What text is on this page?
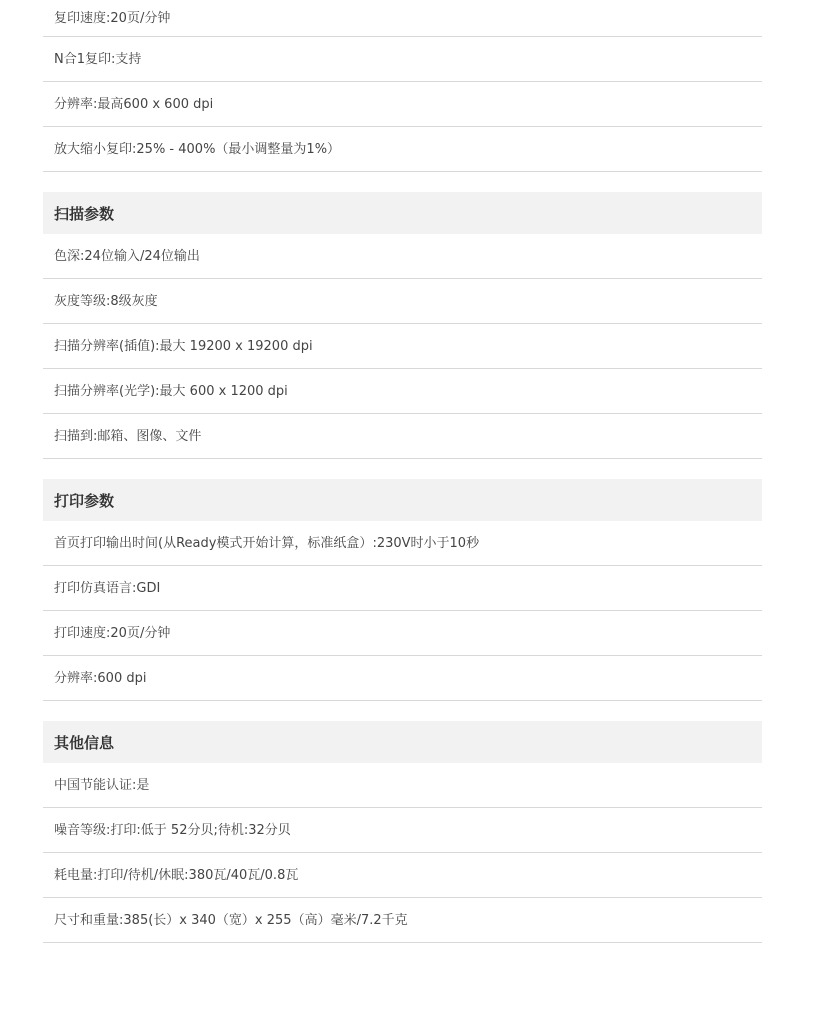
复印速度 : 20页/分钟
N合1复印 : 支持
分辨率 : 最高600 x 600 dpi
放大缩小复印 : 25% - 400%（最小调整量为1%）
扫描参数
色深 : 24位输入/24位输出
灰度等级 : 8级灰度
扫描分辨率(插值) : 最大 19200 x 19200 dpi
扫描分辨率(光学) : 最大 600 x 1200 dpi
扫描到 : 邮箱、图像、文件
打印参数
首页打印输出时间(从Ready模式开始计算，标准纸盒） : 230V时小于10秒
打印仿真语言 : GDI
打印速度 : 20页/分钟
分辨率 : 600 dpi
其他信息
中国节能认证 : 是
噪音等级 : 打印:低于 52分贝;待机:32分贝
耗电量 : 打印/待机/休眠:380瓦/40瓦/0.8瓦
尺寸和重量 : 385(长）x 340（宽）x 255（高）毫米/7.2千克
